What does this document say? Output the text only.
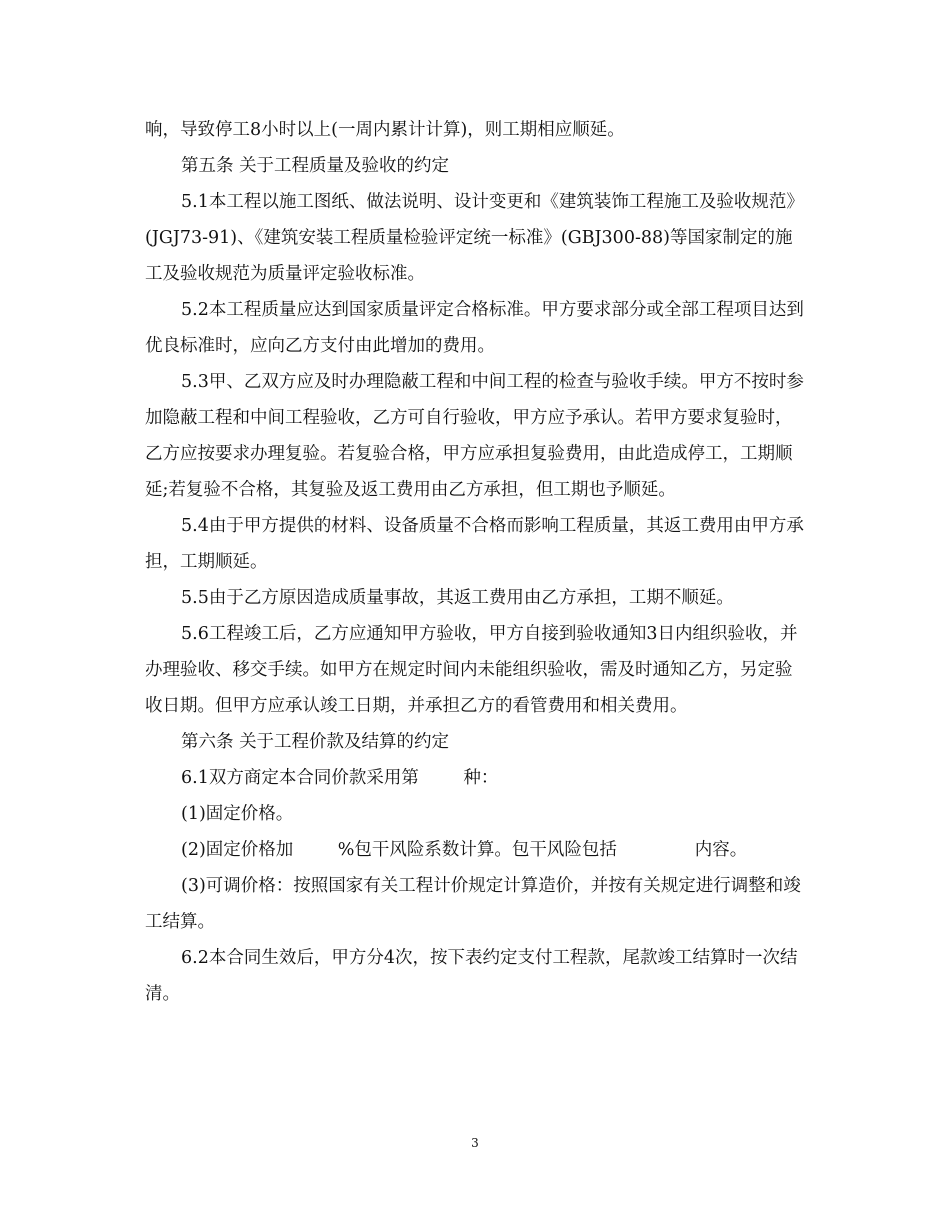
响，导致停工8小时以上(一周内累计计算)，则工期相应顺延。

第五条 关于工程质量及验收的约定

5.1本工程以施工图纸、做法说明、设计变更和《建筑装饰工程施工及验收规范》(JGJ73-91)、《建筑安装工程质量检验评定统一标准》(GBJ300-88)等国家制定的施工及验收规范为质量评定验收标准。

5.2本工程质量应达到国家质量评定合格标准。甲方要求部分或全部工程项目达到优良标准时，应向乙方支付由此增加的费用。

5.3甲、乙双方应及时办理隐蔽工程和中间工程的检查与验收手续。甲方不按时参加隐蔽工程和中间工程验收，乙方可自行验收，甲方应予承认。若甲方要求复验时，乙方应按要求办理复验。若复验合格，甲方应承担复验费用，由此造成停工，工期顺延;若复验不合格，其复验及返工费用由乙方承担，但工期也予顺延。

5.4由于甲方提供的材料、设备质量不合格而影响工程质量，其返工费用由甲方承担，工期顺延。

5.5由于乙方原因造成质量事故，其返工费用由乙方承担，工期不顺延。

5.6工程竣工后，乙方应通知甲方验收，甲方自接到验收通知3日内组织验收，并办理验收、移交手续。如甲方在规定时间内未能组织验收，需及时通知乙方，另定验收日期。但甲方应承认竣工日期，并承担乙方的看管费用和相关费用。

第六条 关于工程价款及结算的约定

6.1双方商定本合同价款采用第        种：

(1)固定价格。

(2)固定价格加        %包干风险系数计算。包干风险包括              内容。

(3)可调价格：按照国家有关工程计价规定计算造价，并按有关规定进行调整和竣工结算。

6.2本合同生效后，甲方分4次，按下表约定支付工程款，尾款竣工结算时一次结清。

3
